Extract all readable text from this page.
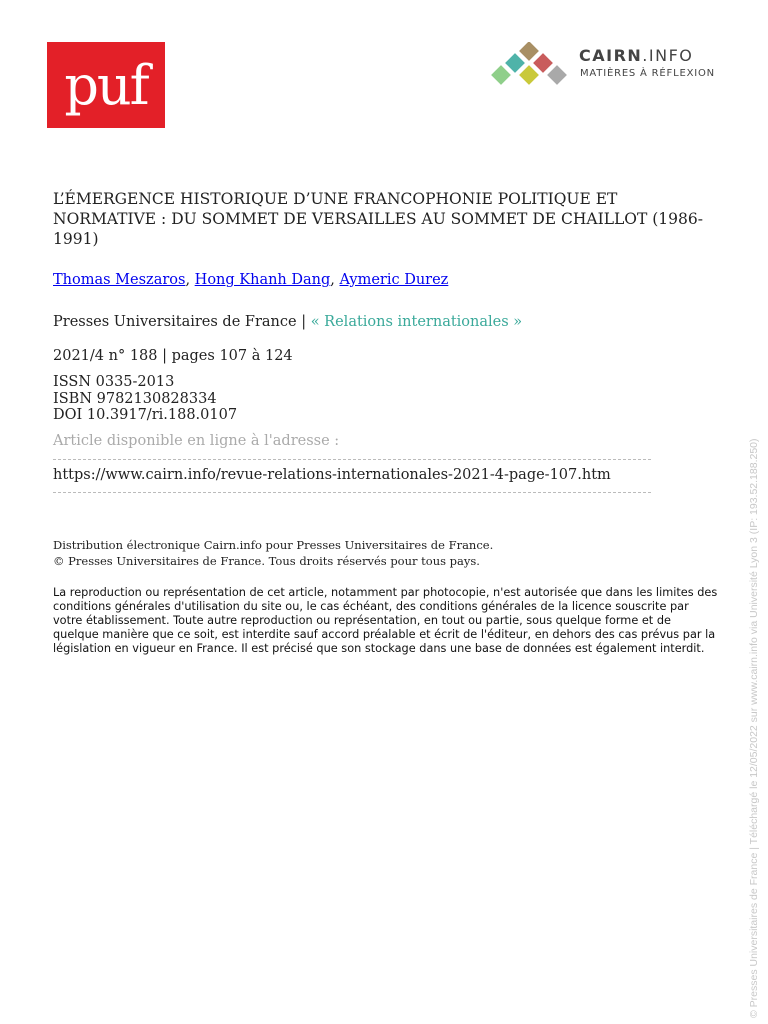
puf	CAIRN.INFO
MATIÈRES À RÉFLEXION
L’ÉMERGENCE HISTORIQUE D’UNE FRANCOPHONIE POLITIQUE ET NORMATIVE : DU SOMMET DE VERSAILLES AU SOMMET DE CHAILLOT (1986-1991)
Thomas Meszaros, Hong Khanh Dang, Aymeric Durez
Presses Universitaires de France | « Relations internationales »
2021/4 n° 188 | pages 107 à 124
ISSN 0335-2013
ISBN 9782130828334
DOI 10.3917/ri.188.0107
Article disponible en ligne à l'adresse :
https://www.cairn.info/revue-relations-internationales-2021-4-page-107.htm
Distribution électronique Cairn.info pour Presses Universitaires de France.
© Presses Universitaires de France. Tous droits réservés pour tous pays.

La reproduction ou représentation de cet article, notamment par photocopie, n'est autorisée que dans les limites des conditions générales d'utilisation du site ou, le cas échéant, des conditions générales de la licence souscrite par votre établissement. Toute autre reproduction ou représentation, en tout ou partie, sous quelque forme et de quelque manière que ce soit, est interdite sauf accord préalable et écrit de l'éditeur, en dehors des cas prévus par la législation en vigueur en France. Il est précisé que son stockage dans une base de données est également interdit.	© Presses Universitaires de France | Téléchargé le 12/05/2022 sur www.cairn.info via Université Lyon 3 (IP: 193.52.188.250)
